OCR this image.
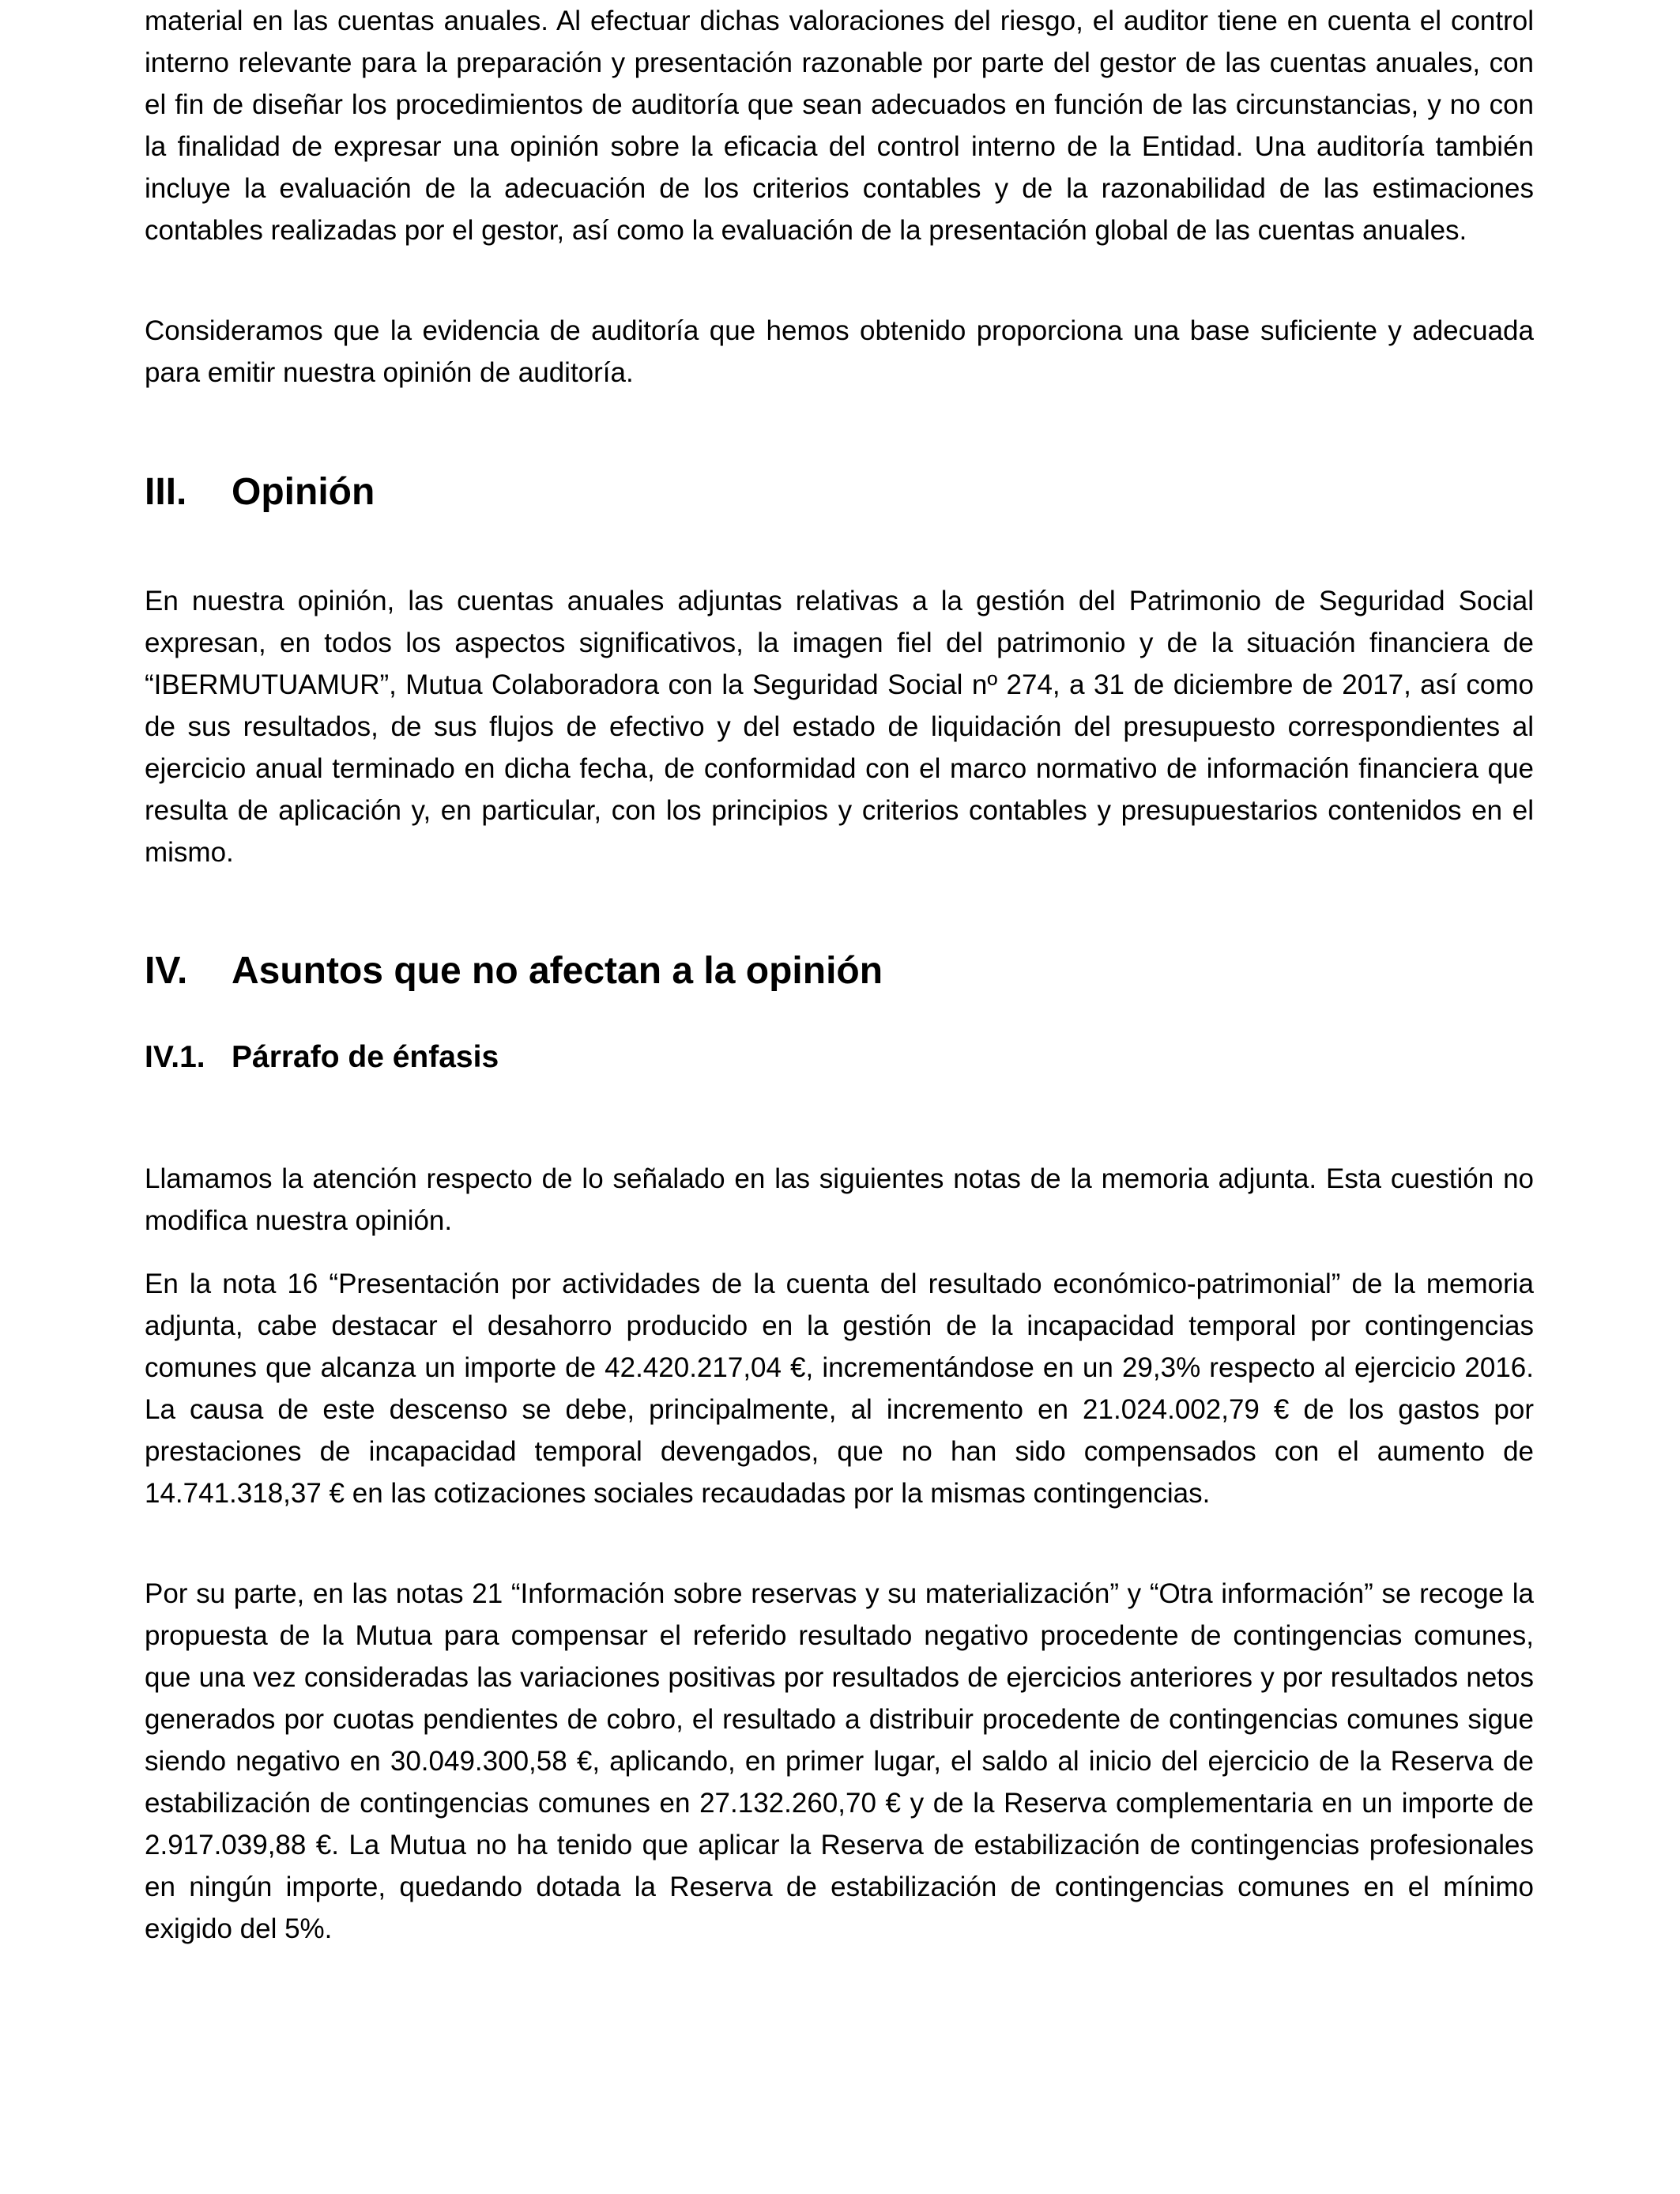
material en las cuentas anuales. Al efectuar dichas valoraciones del riesgo, el auditor tiene en cuenta el control interno relevante para la preparación y presentación razonable por parte del gestor de las cuentas anuales, con el fin de diseñar los procedimientos de auditoría que sean adecuados en función de las circunstancias, y no con la finalidad de expresar una opinión sobre la eficacia del control interno de la Entidad. Una auditoría también incluye la evaluación de la adecuación de los criterios contables y de la razonabilidad de las estimaciones contables realizadas por el gestor, así como la evaluación de la presentación global de las cuentas anuales.

Consideramos que la evidencia de auditoría que hemos obtenido proporciona una base suficiente y adecuada para emitir nuestra opinión de auditoría.

III.	Opinión

En nuestra opinión, las cuentas anuales adjuntas relativas a la gestión del Patrimonio de Seguridad Social expresan, en todos los aspectos significativos, la imagen fiel del patrimonio y de la situación financiera de “IBERMUTUAMUR”, Mutua Colaboradora con la Seguridad Social nº 274, a 31 de diciembre de 2017, así como de sus resultados, de sus flujos de efectivo y del estado de liquidación del presupuesto correspondientes al ejercicio anual terminado en dicha fecha, de conformidad con el marco normativo de información financiera que resulta de aplicación y, en particular, con los principios y criterios contables y presupuestarios contenidos en el mismo.

IV.	Asuntos que no afectan a la opinión
IV.1. Párrafo de énfasis

Llamamos la atención respecto de lo señalado en las siguientes notas de la memoria adjunta. Esta cuestión no modifica nuestra opinión.

En la nota 16 “Presentación por actividades de la cuenta del resultado económico-patrimonial” de la memoria adjunta, cabe destacar el desahorro producido en la gestión de la incapacidad temporal por contingencias comunes que alcanza un importe de 42.420.217,04 €, incrementándose en un 29,3% respecto al ejercicio 2016. La causa de este descenso se debe, principalmente, al incremento en 21.024.002,79 € de los gastos por prestaciones de incapacidad temporal devengados, que no han sido compensados con el aumento de 14.741.318,37 € en las cotizaciones sociales recaudadas por la mismas contingencias.

Por su parte, en las notas 21 “Información sobre reservas y su materialización” y “Otra información” se recoge la propuesta de la Mutua para compensar el referido resultado negativo procedente de contingencias comunes, que una vez consideradas las variaciones positivas por resultados de ejercicios anteriores y por resultados netos generados por cuotas pendientes de cobro, el resultado a distribuir procedente de contingencias comunes sigue siendo negativo en 30.049.300,58 €, aplicando, en primer lugar, el saldo al inicio del ejercicio de la Reserva de estabilización de contingencias comunes en 27.132.260,70 € y de la Reserva complementaria en un importe de 2.917.039,88 €. La Mutua no ha tenido que aplicar la Reserva de estabilización de contingencias profesionales en ningún importe, quedando dotada la Reserva de estabilización de contingencias comunes en el mínimo exigido del 5%.
